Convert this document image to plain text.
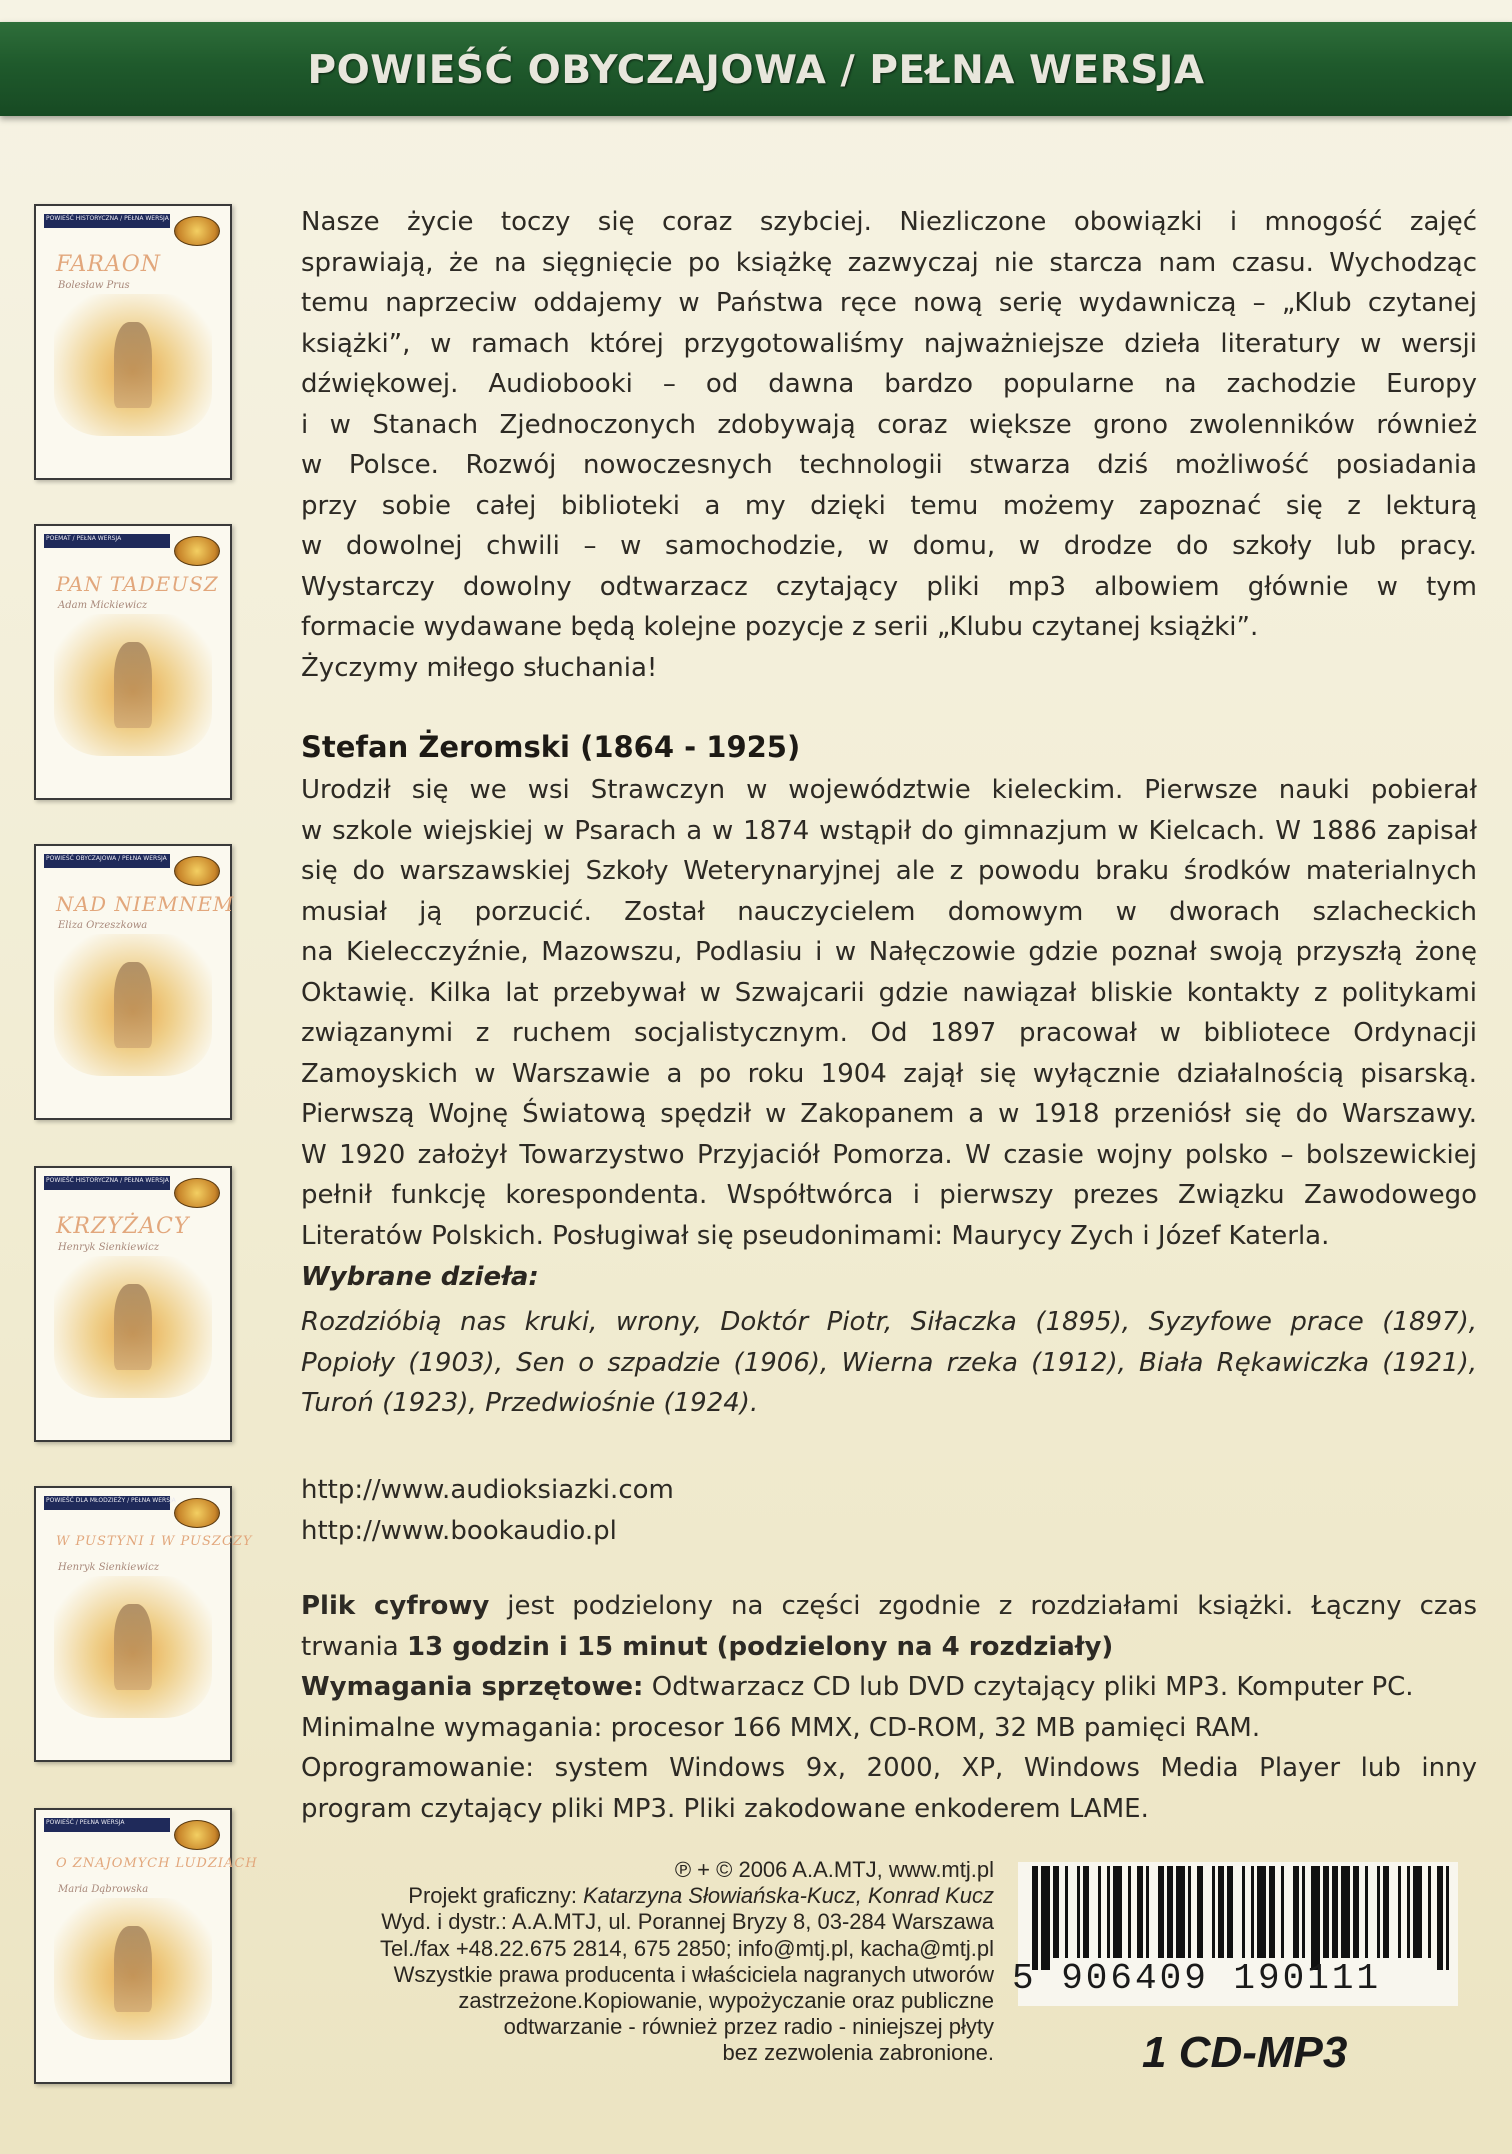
POWIEŚĆ OBYCZAJOWA / PEŁNA WERSJA
POWIEŚĆ HISTORYCZNA / PEŁNA WERSJA
FARAON
Bolesław Prus
POEMAT / PEŁNA WERSJA
PAN TADEUSZ
Adam Mickiewicz
POWIEŚĆ OBYCZAJOWA / PEŁNA WERSJA
NAD NIEMNEM
Eliza Orzeszkowa
POWIEŚĆ HISTORYCZNA / PEŁNA WERSJA
KRZYŻACY
Henryk Sienkiewicz
POWIEŚĆ DLA MŁODZIEŻY / PEŁNA WERSJA
W PUSTYNI I W PUSZCZY
Henryk Sienkiewicz
POWIEŚĆ / PEŁNA WERSJA
O ZNAJOMYCH LUDZIACH
Maria Dąbrowska
Nasze życie toczy się coraz szybciej. Niezliczone obowiązki i mnogość zajęć
sprawiają, że na sięgnięcie po książkę zazwyczaj nie starcza nam czasu. Wychodząc
temu naprzeciw oddajemy w Państwa ręce nową serię wydawniczą – „Klub czytanej
książki”, w ramach której przygotowaliśmy najważniejsze dzieła literatury w wersji
dźwiękowej. Audiobooki – od dawna bardzo popularne na zachodzie Europy
i w Stanach Zjednoczonych zdobywają coraz większe grono zwolenników również
w Polsce. Rozwój nowoczesnych technologii stwarza dziś możliwość posiadania
przy sobie całej biblioteki a my dzięki temu możemy zapoznać się z lekturą
w dowolnej chwili – w samochodzie, w domu, w drodze do szkoły lub pracy.
Wystarczy dowolny odtwarzacz czytający pliki mp3 albowiem głównie w tym
formacie wydawane będą kolejne pozycje z serii „Klubu czytanej książki”.
Życzymy miłego słuchania!
Stefan Żeromski (1864 - 1925)
Urodził się we wsi Strawczyn w województwie kieleckim. Pierwsze nauki pobierał
w szkole wiejskiej w Psarach a w 1874 wstąpił do gimnazjum w Kielcach. W 1886 zapisał
się do warszawskiej Szkoły Weterynaryjnej ale z powodu braku środków materialnych
musiał ją porzucić. Został nauczycielem domowym w dworach szlacheckich
na Kielecczyźnie, Mazowszu, Podlasiu i w Nałęczowie gdzie poznał swoją przyszłą żonę
Oktawię. Kilka lat przebywał w Szwajcarii gdzie nawiązał bliskie kontakty z politykami
związanymi z ruchem socjalistycznym. Od 1897 pracował w bibliotece Ordynacji
Zamoyskich w Warszawie a po roku 1904 zajął się wyłącznie działalnością pisarską.
Pierwszą Wojnę Światową spędził w Zakopanem a w 1918 przeniósł się do Warszawy.
W 1920 założył Towarzystwo Przyjaciół Pomorza. W czasie wojny polsko – bolszewickiej
pełnił funkcję korespondenta. Współtwórca i pierwszy prezes Związku Zawodowego
Literatów Polskich. Posługiwał się pseudonimami: Maurycy Zych i Józef Katerla.
Wybrane dzieła:
Rozdzióbią nas kruki, wrony, Doktór Piotr, Siłaczka (1895), Syzyfowe prace (1897),
Popioły (1903), Sen o szpadzie (1906), Wierna rzeka (1912), Biała Rękawiczka (1921),
Turoń (1923), Przedwiośnie (1924).
http://www.audioksiazki.com
http://www.bookaudio.pl
Plik cyfrowy jest podzielony na części zgodnie z rozdziałami książki. Łączny czas
trwania 13 godzin i 15 minut (podzielony na 4 rozdziały)
Wymagania sprzętowe: Odtwarzacz CD lub DVD czytający pliki MP3. Komputer PC.
Minimalne wymagania: procesor 166 MMX, CD-ROM, 32 MB pamięci RAM.
Oprogramowanie: system Windows 9x, 2000, XP, Windows Media Player lub inny
program czytający pliki MP3. Pliki zakodowane enkoderem LAME.
℗ + © 2006 A.A.MTJ, www.mtj.pl
Projekt graficzny: Katarzyna Słowiańska-Kucz, Konrad Kucz
Wyd. i dystr.: A.A.MTJ, ul. Porannej Bryzy 8, 03-284 Warszawa
Tel./fax +48.22.675 2814, 675 2850; info@mtj.pl, kacha@mtj.pl
Wszystkie prawa producenta i właściciela nagranych utworów
zastrzeżone.Kopiowanie, wypożyczanie oraz publiczne
odtwarzanie - również przez radio - niniejszej płyty
bez zezwolenia zabronione.
5 906409 190111
1 CD-MP3
